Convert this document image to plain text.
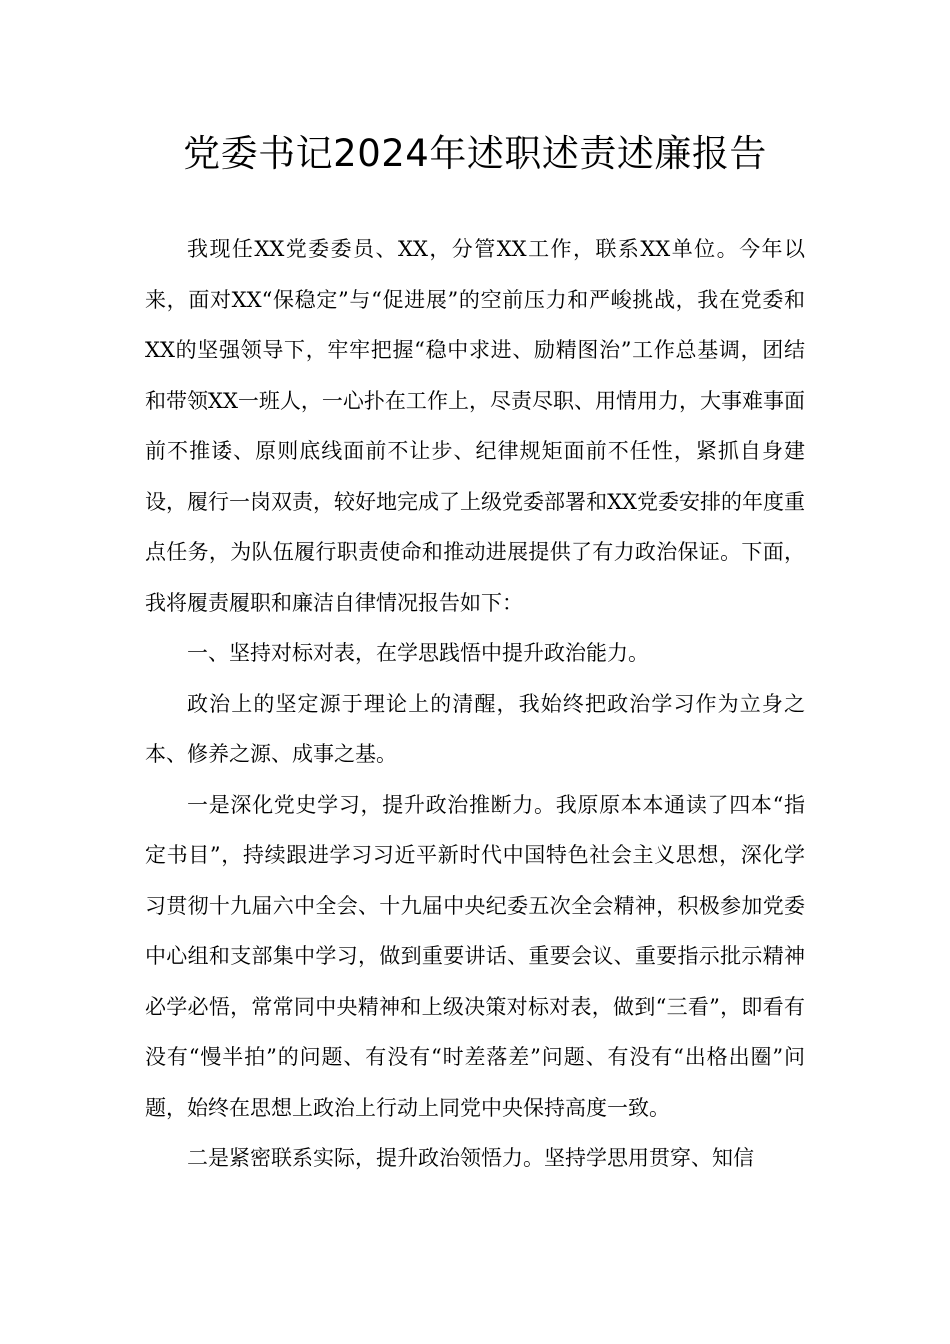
党委书记2024年述职述责述廉报告

我现任XX党委委员、XX，分管XX工作，联系XX单位。今年以来，面对XX“保稳定”与“促进展”的空前压力和严峻挑战，我在党委和XX的坚强领导下，牢牢把握“稳中求进、励精图治”工作总基调，团结和带领XX一班人，一心扑在工作上，尽责尽职、用情用力，大事难事面前不推诿、原则底线面前不让步、纪律规矩面前不任性，紧抓自身建设，履行一岗双责，较好地完成了上级党委部署和XX党委安排的年度重点任务，为队伍履行职责使命和推动进展提供了有力政治保证。下面，我将履责履职和廉洁自律情况报告如下：

一、坚持对标对表，在学思践悟中提升政治能力。

政治上的坚定源于理论上的清醒，我始终把政治学习作为立身之本、修养之源、成事之基。

一是深化党史学习，提升政治推断力。我原原本本通读了四本“指定书目”，持续跟进学习习近平新时代中国特色社会主义思想，深化学习贯彻十九届六中全会、十九届中央纪委五次全会精神，积极参加党委中心组和支部集中学习，做到重要讲话、重要会议、重要指示批示精神必学必悟，常常同中央精神和上级决策对标对表，做到“三看”，即看有没有“慢半拍”的问题、有没有“时差落差”问题、有没有“出格出圈”问题，始终在思想上政治上行动上同党中央保持高度一致。

二是紧密联系实际，提升政治领悟力。坚持学思用贯穿、知信
